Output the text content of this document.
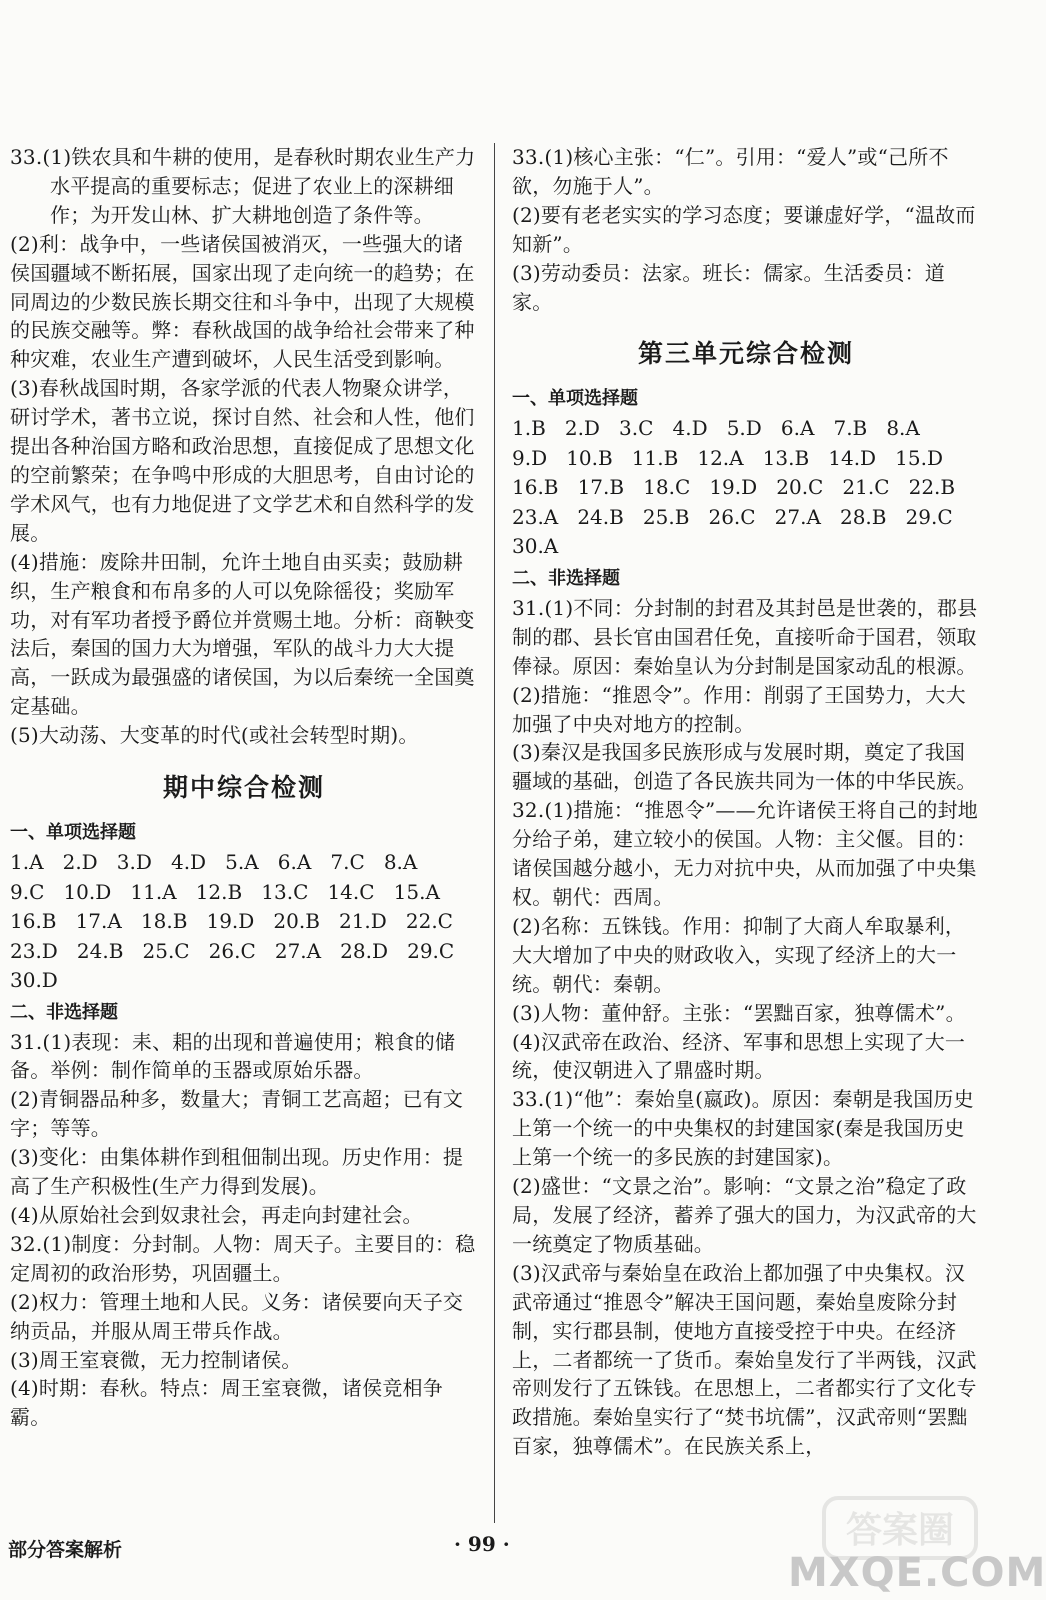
33.(1)铁农具和牛耕的使用，是春秋时期农业生产力水平提高的重要标志；促进了农业上的深耕细作；为开发山林、扩大耕地创造了条件等。

(2)利：战争中，一些诸侯国被消灭，一些强大的诸侯国疆域不断拓展，国家出现了走向统一的趋势；在同周边的少数民族长期交往和斗争中，出现了大规模的民族交融等。弊：春秋战国的战争给社会带来了种种灾难，农业生产遭到破坏，人民生活受到影响。

(3)春秋战国时期，各家学派的代表人物聚众讲学，研讨学术，著书立说，探讨自然、社会和人性，他们提出各种治国方略和政治思想，直接促成了思想文化的空前繁荣；在争鸣中形成的大胆思考，自由讨论的学术风气，也有力地促进了文学艺术和自然科学的发展。

(4)措施：废除井田制，允许土地自由买卖；鼓励耕织，生产粮食和布帛多的人可以免除徭役；奖励军功，对有军功者授予爵位并赏赐土地。分析：商鞅变法后，秦国的国力大为增强，军队的战斗力大大提高，一跃成为最强盛的诸侯国，为以后秦统一全国奠定基础。

(5)大动荡、大变革的时代(或社会转型时期)。

期中综合检测
一、单项选择题

1.A   2.D   3.D   4.D   5.A   6.A   7.C   8.A

9.C   10.D   11.A   12.B   13.C   14.C   15.A

16.B   17.A   18.B   19.D   20.B   21.D   22.C

23.D   24.B   25.C   26.C   27.A   28.D   29.C

30.D

二、非选择题

31.(1)表现：耒、耜的出现和普遍使用；粮食的储备。举例：制作简单的玉器或原始乐器。

(2)青铜器品种多，数量大；青铜工艺高超；已有文字；等等。

(3)变化：由集体耕作到租佃制出现。历史作用：提高了生产积极性(生产力得到发展)。

(4)从原始社会到奴隶社会，再走向封建社会。

32.(1)制度：分封制。人物：周天子。主要目的：稳定周初的政治形势，巩固疆土。

(2)权力：管理土地和人民。义务：诸侯要向天子交纳贡品，并服从周王带兵作战。

(3)周王室衰微，无力控制诸侯。

(4)时期：春秋。特点：周王室衰微，诸侯竞相争霸。

33.(1)核心主张：“仁”。引用：“爱人”或“己所不欲，勿施于人”。

(2)要有老老实实的学习态度；要谦虚好学，“温故而知新”。

(3)劳动委员：法家。班长：儒家。生活委员：道家。

第三单元综合检测
一、单项选择题

1.B   2.D   3.C   4.D   5.D   6.A   7.B   8.A

9.D   10.B   11.B   12.A   13.B   14.D   15.D

16.B   17.B   18.C   19.D   20.C   21.C   22.B

23.A   24.B   25.B   26.C   27.A   28.B   29.C

30.A

二、非选择题

31.(1)不同：分封制的封君及其封邑是世袭的，郡县制的郡、县长官由国君任免，直接听命于国君，领取俸禄。原因：秦始皇认为分封制是国家动乱的根源。

(2)措施：“推恩令”。作用：削弱了王国势力，大大加强了中央对地方的控制。

(3)秦汉是我国多民族形成与发展时期，奠定了我国疆域的基础，创造了各民族共同为一体的中华民族。

32.(1)措施：“推恩令”——允许诸侯王将自己的封地分给子弟，建立较小的侯国。人物：主父偃。目的：诸侯国越分越小，无力对抗中央，从而加强了中央集权。朝代：西周。

(2)名称：五铢钱。作用：抑制了大商人牟取暴利，大大增加了中央的财政收入，实现了经济上的大一统。朝代：秦朝。

(3)人物：董仲舒。主张：“罢黜百家，独尊儒术”。

(4)汉武帝在政治、经济、军事和思想上实现了大一统，使汉朝进入了鼎盛时期。

33.(1)“他”：秦始皇(嬴政)。原因：秦朝是我国历史上第一个统一的中央集权的封建国家(秦是我国历史上第一个统一的多民族的封建国家)。

(2)盛世：“文景之治”。影响：“文景之治”稳定了政局，发展了经济，蓄养了强大的国力，为汉武帝的大一统奠定了物质基础。

(3)汉武帝与秦始皇在政治上都加强了中央集权。汉武帝通过“推恩令”解决王国问题，秦始皇废除分封制，实行郡县制，使地方直接受控于中央。在经济上，二者都统一了货币。秦始皇发行了半两钱，汉武帝则发行了五铢钱。在思想上，二者都实行了文化专政措施。秦始皇实行了“焚书坑儒”，汉武帝则“罢黜百家，独尊儒术”。在民族关系上，

部分答案解析	· 99 ·	答案圈
MXQE.COM
